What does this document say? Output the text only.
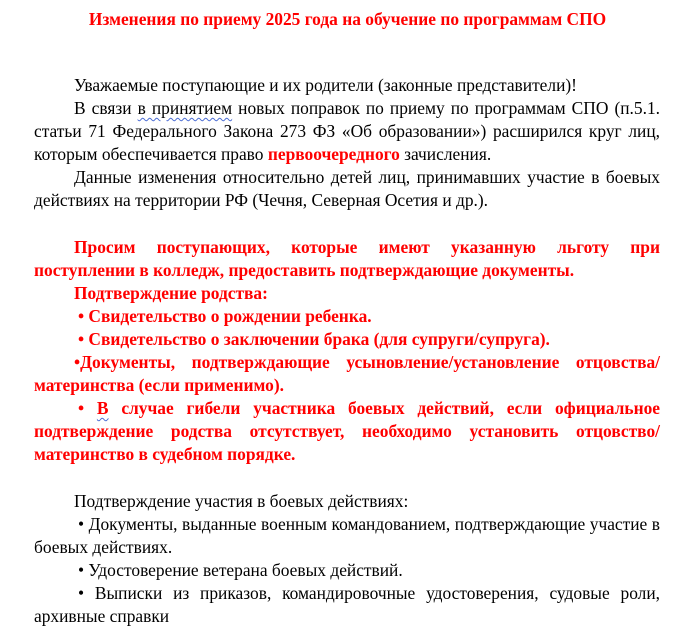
Изменения по приему 2025 года на обучение по программам СПО

Уважаемые поступающие и их родители (законные представители)!

В связи в принятием новых поправок по приему по программам СПО (п.5.1. статьи 71 Федерального Закона 273 ФЗ «Об образовании») расширился круг лиц, которым обеспечивается право первоочередного зачисления.

Данные изменения относительно детей лиц, принимавших участие в боевых действиях на территории РФ (Чечня, Северная Осетия и др.).

Просим поступающих, которые имеют указанную льготу при поступлении в колледж, предоставить подтверждающие документы.

Подтверждение родства:

• Свидетельство о рождении ребенка.

• Свидетельство о заключении брака (для супруги/супруга).

•Документы, подтверждающие усыновление/установление отцовства/материнства (если применимо).

• В случае гибели участника боевых действий, если официальное подтверждение родства отсутствует, необходимо установить отцовство/материнство в судебном порядке.

Подтверждение участия в боевых действиях:

• Документы, выданные военным командованием, подтверждающие участие в боевых действиях.

• Удостоверение ветерана боевых действий.

• Выписки из приказов, командировочные удостоверения, судовые роли, архивные справки
